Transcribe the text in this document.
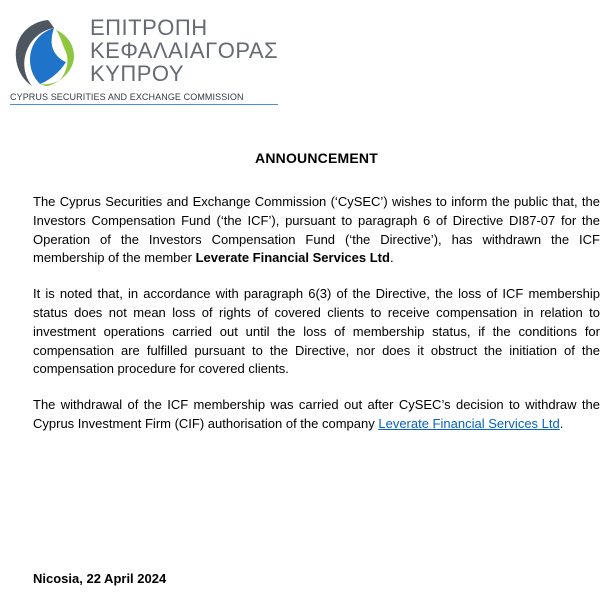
ΕΠΙΤΡΟΠΗ
ΚΕΦΑΛΑΙΑΓΟΡΑΣ
ΚΥΠΡΟΥ
CYPRUS SECURITIES AND EXCHANGE COMMISSION
ANNOUNCEMENT

The Cyprus Securities and Exchange Commission (‘CySEC’) wishes to inform the public that, the Investors Compensation Fund (‘the ICF’), pursuant to paragraph 6 of Directive DI87-07 for the Operation of the Investors Compensation Fund (‘the Directive’), has withdrawn the ICF membership of the member Leverate Financial Services Ltd.

It is noted that, in accordance with paragraph 6(3) of the Directive, the loss of ICF membership status does not mean loss of rights of covered clients to receive compensation in relation to investment operations carried out until the loss of membership status, if the conditions for compensation are fulfilled pursuant to the Directive, nor does it obstruct the initiation of the compensation procedure for covered clients.

The withdrawal of the ICF membership was carried out after CySEC’s decision to withdraw the Cyprus Investment Firm (CIF) authorisation of the company Leverate Financial Services Ltd.

Nicosia, 22 April 2024
